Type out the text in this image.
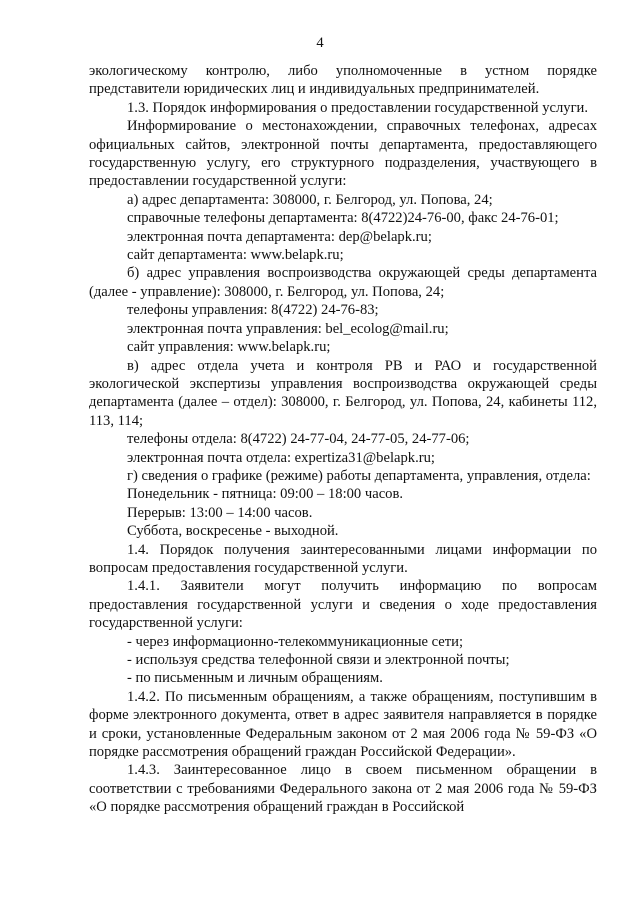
4

экологическому контролю, либо уполномоченные в устном порядке представители юридических лиц и индивидуальных предпринимателей.

1.3. Порядок информирования о предоставлении государственной услуги.

Информирование о местонахождении, справочных телефонах, адресах официальных сайтов, электронной почты департамента, предоставляющего государственную услугу, его структурного подразделения, участвующего в предоставлении государственной услуги:

а) адрес департамента: 308000, г. Белгород, ул. Попова, 24;

справочные телефоны департамента: 8(4722)24-76-00, факс 24-76-01;

электронная почта департамента: dep@belapk.ru;

сайт департамента: www.belapk.ru;

б) адрес управления воспроизводства окружающей среды департамента (далее - управление): 308000, г. Белгород, ул. Попова, 24;

телефоны управления: 8(4722) 24-76-83;

электронная почта управления: bel_ecolog@mail.ru;

сайт управления: www.belapk.ru;

в) адрес отдела учета и контроля РВ и РАО и государственной экологической экспертизы управления воспроизводства окружающей среды департамента (далее – отдел): 308000, г. Белгород, ул. Попова, 24, кабинеты 112, 113, 114;

телефоны отдела: 8(4722) 24-77-04, 24-77-05, 24-77-06;

электронная почта отдела: expertiza31@belapk.ru;

г) сведения о графике (режиме) работы департамента, управления, отдела:

Понедельник - пятница: 09:00 – 18:00 часов.

Перерыв: 13:00 – 14:00 часов.

Суббота, воскресенье - выходной.

1.4. Порядок получения заинтересованными лицами информации по вопросам предоставления государственной услуги.

1.4.1. Заявители могут получить информацию по вопросам предоставления государственной услуги и сведения о ходе предоставления государственной услуги:

- через информационно-телекоммуникационные сети;

- используя средства телефонной связи и электронной почты;

- по письменным и личным обращениям.

1.4.2. По письменным обращениям, а также обращениям, поступившим в форме электронного документа, ответ в адрес заявителя направляется в порядке и сроки, установленные Федеральным законом от 2 мая 2006 года № 59-ФЗ «О порядке рассмотрения обращений граждан Российской Федерации».

1.4.3. Заинтересованное лицо в своем письменном обращении в соответствии с требованиями Федерального закона от 2 мая 2006 года № 59-ФЗ «О порядке рассмотрения обращений граждан в Российской
